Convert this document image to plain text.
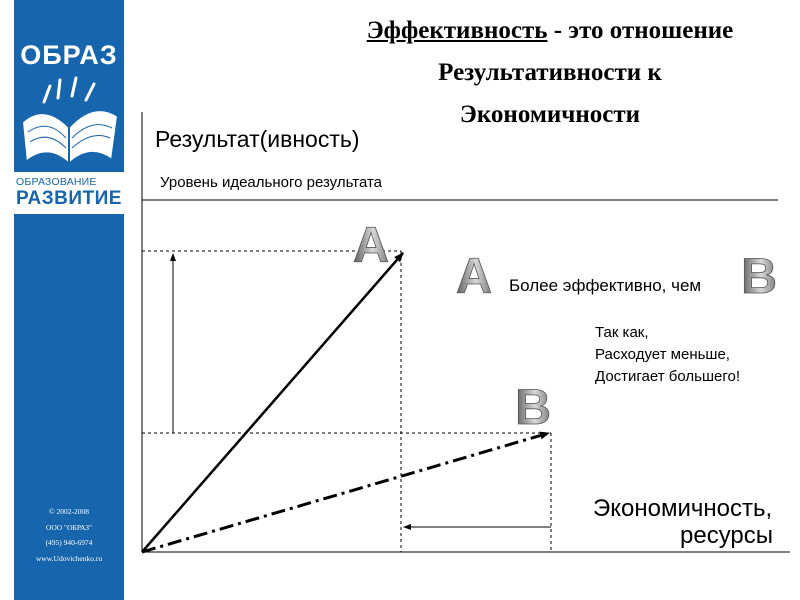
ОБРАЗ
ОБРАЗОВАНИЕ
РАЗВИТИЕ
© 2002-2008
ООО "ОБРАЗ"
(495) 940-6974
www.Udovichenko.ru
Эффективность - это отношение
Результативности к
Экономичности
A
B
A	B
Результат(ивность)
Уровень идеального результата
Более эффективно, чем
Так как,
Расходует меньше,
Достигает большего!
Экономичность,
ресурсы
